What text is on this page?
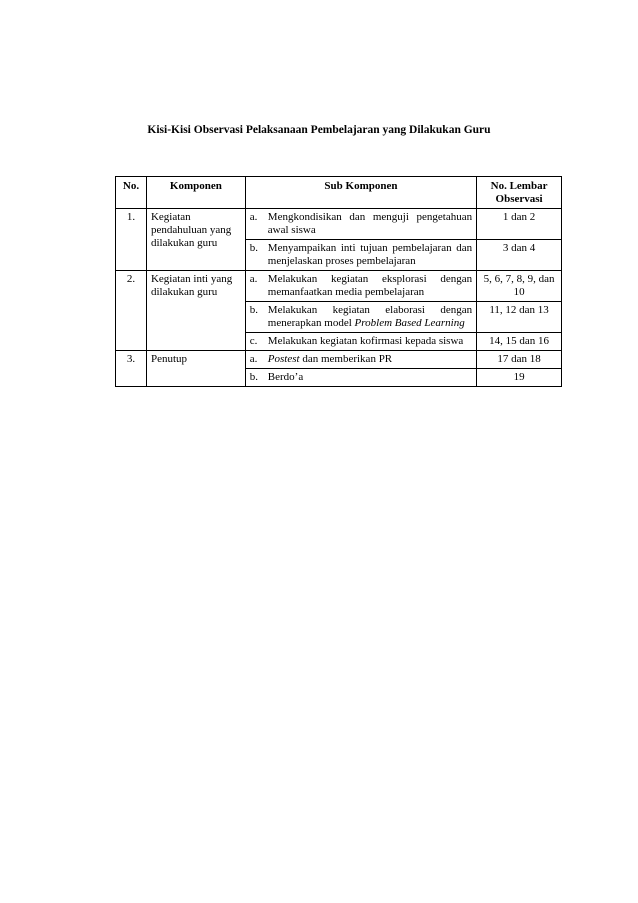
Kisi-Kisi Observasi Pelaksanaan Pembelajaran yang Dilakukan Guru
No.	Komponen	Sub Komponen	No. Lembar Observasi
1.	Kegiatan pendahuluan yang dilakukan guru	a. Mengkondisikan dan menguji pengetahuan awal siswa	1 dan 2

		b. Menyampaikan inti tujuan pembelajaran dan menjelaskan proses pembelajaran	3 dan 4
2.	Kegiatan inti yang dilakukan guru	a. Melakukan kegiatan eksplorasi dengan memanfaatkan media pembelajaran	5, 6, 7, 8, 9, dan 10

		b. Melakukan kegiatan elaborasi dengan menerapkan model Problem Based Learning	11, 12 dan 13

		c. Melakukan kegiatan kofirmasi kepada siswa	14, 15 dan 16
3.	Penutup	a. Postest dan memberikan PR	17 dan 18

		b. Berdo’a	19
